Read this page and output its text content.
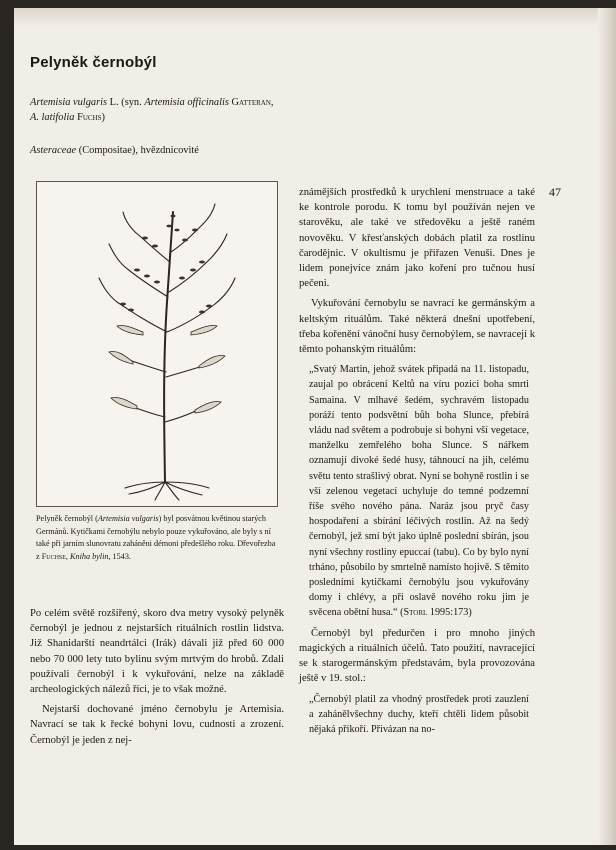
Pelyněk černobýl
Artemisia vulgaris L. (syn. Artemisia officinalis Gatteran,
A. latifolia Fuchs)
Asteraceae (Compositae), hvězdnicovité
47
Pelyněk černobýl (Artemisia vulgaris) byl posvátnou květinou starých Germánů. Kytičkami černobýlu nebylo pouze vykuřováno, ale byly s ní také při jarním slunovratu zaháněni démoni předešlého roku. Dřevořezba z Fuchse, Kniha bylin, 1543.

Po celém světě rozšířený, skoro dva metry vysoký pelyněk černobýl je jednou z nejstarších rituálních rostlin lidstva. Již Shanidarští neandrtálci (Irák) dávali již před 60 000 nebo 70 000 lety tuto bylinu svým mrtvým do hrobů. Zdali používali černobýl i k vykuřování, nelze na základě archeologických nálezů říci, je to však možné.

Nejstarší dochované jméno černobylu je Artemisia. Navrací se tak k řecké bohyni lovu, cudnosti a zrození. Černobýl je jeden z nej-

známějších prostředků k urychlení menstruace a také ke kontrole porodu. K tomu byl používán nejen ve starověku, ale také ve středověku a ještě raném novověku. V křesťanských dobách platil za rostlinu čarodějnic. V okultismu je přiřazen Venuši. Dnes je lidem ponejvíce znám jako koření pro tučnou husí pečeni.

Vykuřování černobylu se navrací ke germánským a keltským rituálům. Také některá dnešní upotřebení, třeba kořenění vánoční husy černobýlem, se navracejí k těmto pohanským rituálům:

„Svatý Martin, jehož svátek připadá na 11. listopadu, zaujal po obrácení Keltů na víru pozici boha smrti Samaina. V mlhavé šedém, sychravém listopadu poráží tento podsvětní bůh boha Slunce, přebírá vládu nad světem a podrobuje si bohyni vší vegetace, manželku zemřelého boha Slunce. S nářkem oznamují divoké šedé husy, táhnoucí na jih, celému světu tento strašlivý obrat. Nyní se bohyně rostlin i se vší zelenou vegetací uchyluje do temné podzemní říše svého nového pána. Naráz jsou pryč časy hospodaření a sbírání léčivých rostlin. Až na šedý černobýl, jež smí být jako úplně poslední sbírán, jsou nyní všechny rostliny epuccaí (tabu). Co by bylo nyní trháno, působilo by smrtelně namísto hojivě. S těmito posledními kytičkami černobýlu jsou vykuřovány domy i chlévy, a při oslavě nového roku jim je svěcena obětní husa.“ (Storl 1995:173)

Černobýl byl předurčen i pro mnoho jiných magických a rituálních účelů. Tato použití, navracející se k starogermánským představám, byla provozována ještě v 19. stol.:

„Černobýl platil za vhodný prostředek proti zauzlení a zahánělvšechny duchy, kteří chtěli lidem působit nějaká příkoří. Přivázan na no-
